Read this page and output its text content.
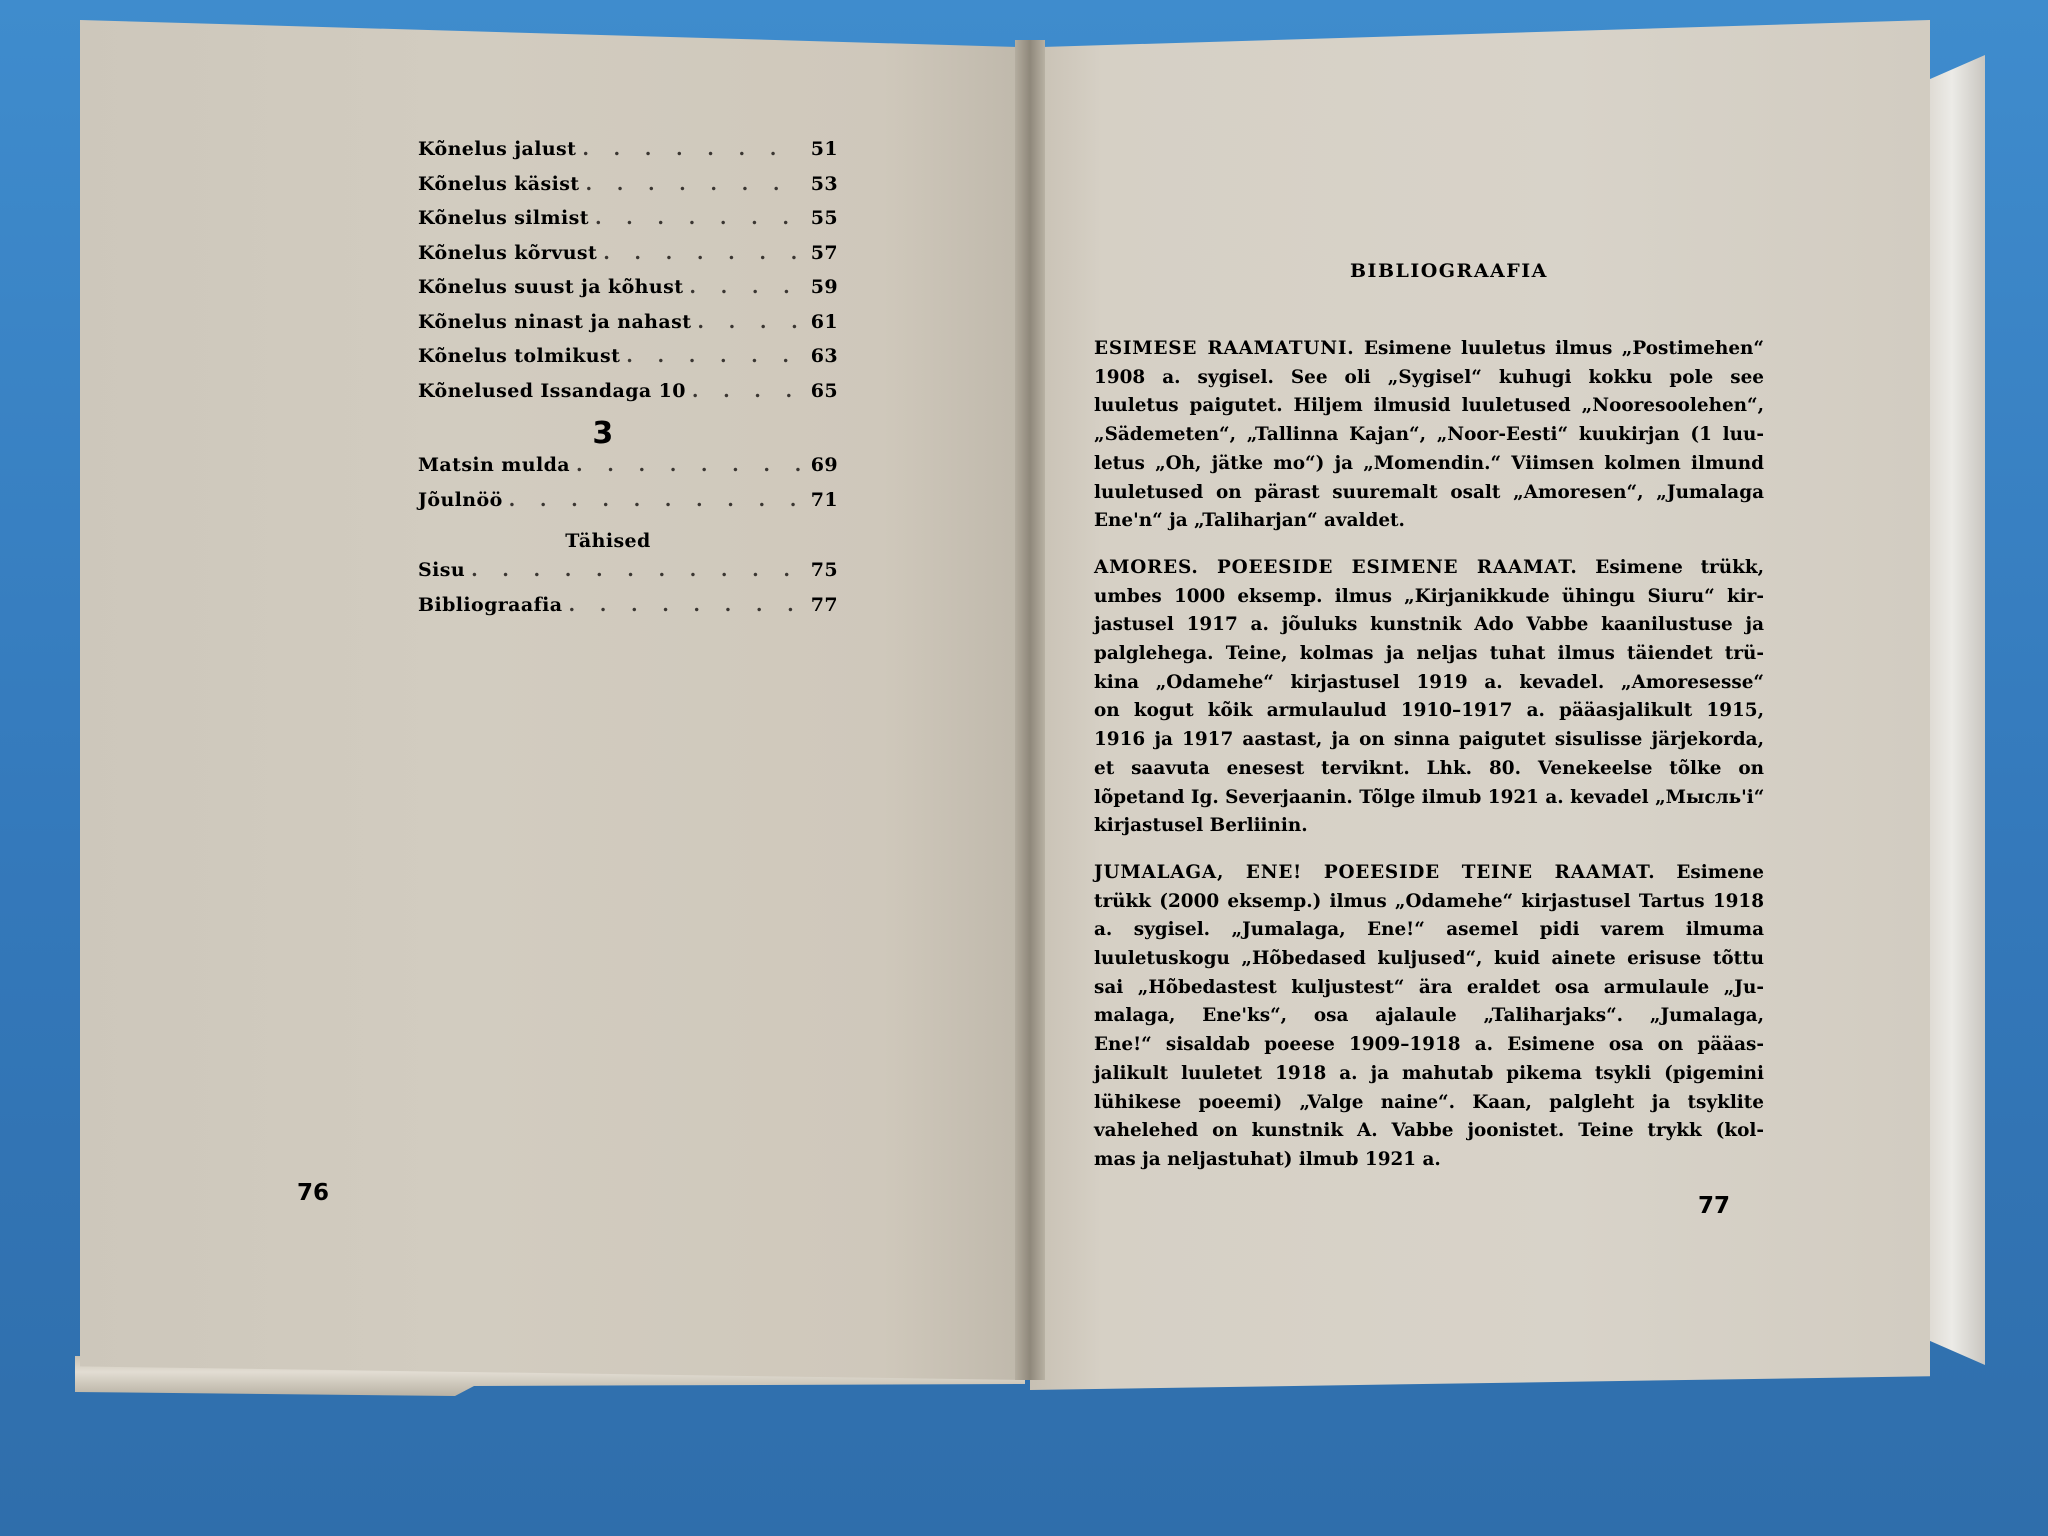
Kõnelus jalust . . .	51
Kõnelus käsist . . .	53
Kõnelus silmist . . .	55
Kõnelus kõrvust . . .	57
Kõnelus suust ja kõhust . . .	59
Kõnelus ninast ja nahast . . .	61
Kõnelus tolmikust . . .	63
Kõnelused Issandaga 10 . . .	65
3
Matsin mulda . . .	69
Jõulnöö . . .	71
Tähised
Sisu . . .	75
Bibliograafia . . .	77
76
BIBLIOGRAAFIA
ESIMESE RAAMATUNI. Esimene luuletus ilmus „Postimehen“
1908 a. sygisel. See oli „Sygisel“ kuhugi kokku pole see
luuletus paigutet. Hiljem ilmusid luuletused „Nooresoolehen“,
„Sädemeten“, „Tallinna Kajan“, „Noor-Eesti“ kuukirjan (1 luu-
letus „Oh, jätke mo“) ja „Momendin.“ Viimsen kolmen ilmund
luuletused on pärast suuremalt osalt „Amoresen“, „Jumalaga
Ene'n“ ja „Taliharjan“ avaldet.
AMORES. POEESIDE ESIMENE RAAMAT. Esimene trükk,
umbes 1000 eksemp. ilmus „Kirjanikkude ühingu Siuru“ kir-
jastusel 1917 a. jõuluks kunstnik Ado Vabbe kaanilustuse ja
palglehega. Teine, kolmas ja neljas tuhat ilmus täiendet trü-
kina „Odamehe“ kirjastusel 1919 a. kevadel. „Amoresesse“
on kogut kõik armulaulud 1910–1917 a. pääasjalikult 1915,
1916 ja 1917 aastast, ja on sinna paigutet sisulisse järjekorda,
et saavuta enesest terviknt. Lhk. 80. Venekeelse tõlke on
lõpetand Ig. Severjaanin. Tõlge ilmub 1921 a. kevadel „Мысль'i“
kirjastusel Berliinin.
JUMALAGA, ENE! POEESIDE TEINE RAAMAT. Esimene
trükk (2000 eksemp.) ilmus „Odamehe“ kirjastusel Tartus 1918
a. sygisel. „Jumalaga, Ene!“ asemel pidi varem ilmuma
luuletuskogu „Hõbedased kuljused“, kuid ainete erisuse tõttu
sai „Hõbedastest kuljustest“ ära eraldet osa armulaule „Ju-
malaga, Ene'ks“, osa ajalaule „Taliharjaks“. „Jumalaga,
Ene!“ sisaldab poeese 1909–1918 a. Esimene osa on pääas-
jalikult luuletet 1918 a. ja mahutab pikema tsykli (pigemini
lühikese poeemi) „Valge naine“. Kaan, palgleht ja tsyklite
vahelehed on kunstnik A. Vabbe joonistet. Teine trykk (kol-
mas ja neljastuhat) ilmub 1921 a.
77
